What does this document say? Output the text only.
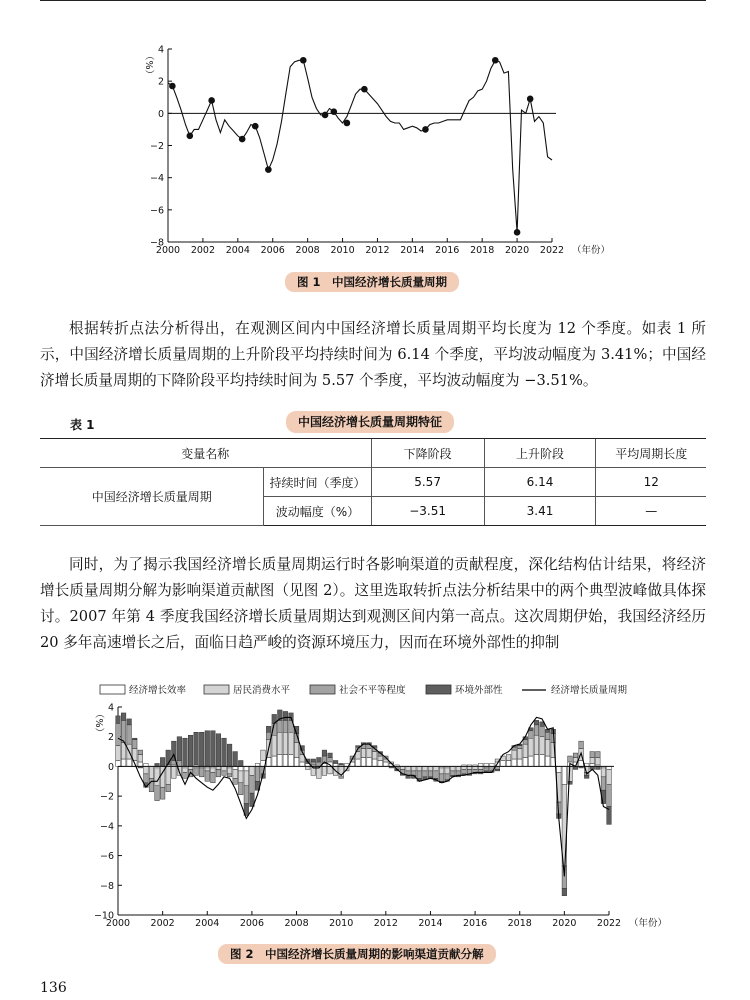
−8
−6
−4
−2
0
2
4
2000 2002 2004 2006 2008 2010 2012 2014 2016 2018 2020 2022 （年份）
（%）
图 1　中国经济增长质量周期

根据转折点法分析得出，在观测区间内中国经济增长质量周期平均长度为 12 个季度。如表 1 所示，中国经济增长质量周期的上升阶段平均持续时间为 6.14 个季度，平均波动幅度为 3.41%；中国经济增长质量周期的下降阶段平均持续时间为 5.57 个季度，平均波动幅度为 −3.51%。

表 1	中国经济增长质量周期特征
变量名称		下降阶段	上升阶段	平均周期长度
中国经济增长质量周期	持续时间（季度）	5.57	6.14	12
	波动幅度（%）	−3.51	3.41	—

同时，为了揭示我国经济增长质量周期运行时各影响渠道的贡献程度，深化结构估计结果，将经济增长质量周期分解为影响渠道贡献图（见图 2）。这里选取转折点法分析结果中的两个典型波峰做具体探讨。2007 年第 4 季度我国经济增长质量周期达到观测区间内第一高点。这次周期伊始，我国经济经历 20 多年高速增长之后，面临日趋严峻的资源环境压力，因而在环境外部性的抑制

−10
−8
−6
−4
−2
0
2
4
2000 2002 2004 2006 2008 2010 2012 2014 2016 2018 2020 2022 （年份）
（%）
经济增长效率	居民消费水平	社会不平等程度	环境外部性	经济增长质量周期
图 2　中国经济增长质量周期的影响渠道贡献分解
136
